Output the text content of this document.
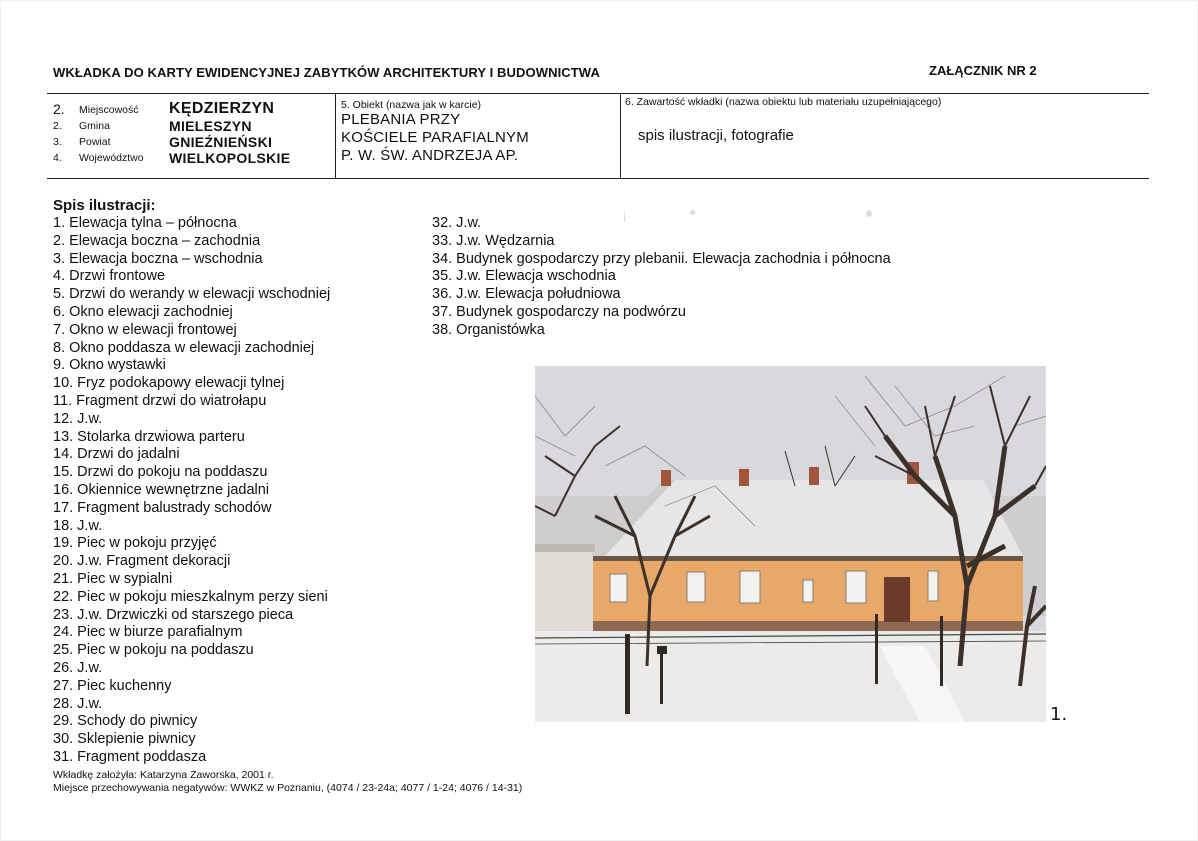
WKŁADKA DO KARTY EWIDENCYJNEJ ZABYTKÓW ARCHITEKTURY I BUDOWNICTWA	ZAŁĄCZNIK NR 2
2. Miejscowość KĘDZIERZYN
2. Gmina	MIELESZYN
3. Powiat	GNIEŹNIEŃSKI
4. Województwo WIELKOPOLSKIE
5. Obiekt (nazwa jak w karcie)
PLEBANIA PRZY
KOŚCIELE PARAFIALNYM
P. W. ŚW. ANDRZEJA AP.
6. Zawartość wkładki (nazwa obiektu lub materiału uzupełniającego)
spis ilustracji, fotografie
Spis ilustracji:
1. Elewacja tylna – północna
2. Elewacja boczna – zachodnia
3. Elewacja boczna – wschodnia
4. Drzwi frontowe
5. Drzwi do werandy w elewacji wschodniej
6. Okno elewacji zachodniej
7. Okno w elewacji frontowej
8. Okno poddasza w elewacji zachodniej
9. Okno wystawki
10. Fryz podokapowy elewacji tylnej
11. Fragment drzwi do wiatrołapu
12. J.w.
13. Stolarka drzwiowa parteru
14. Drzwi do jadalni
15. Drzwi do pokoju na poddaszu
16. Okiennice wewnętrzne jadalni
17. Fragment balustrady schodów
18. J.w.
19. Piec w pokoju przyjęć
20. J.w. Fragment dekoracji
21. Piec w sypialni
22. Piec w pokoju mieszkalnym perzy sieni
23. J.w. Drzwiczki od starszego pieca
24. Piec w biurze parafialnym
25. Piec w pokoju na poddaszu
26. J.w.
27. Piec kuchenny
28. J.w.
29. Schody do piwnicy
30. Sklepienie piwnicy
31. Fragment poddasza
32. J.w.
33. J.w. Wędzarnia
34. Budynek gospodarczy przy plebanii. Elewacja zachodnia i północna
35. J.w. Elewacja wschodnia
36. J.w. Elewacja południowa
37. Budynek gospodarczy na podwórzu
38. Organistówka
Wkładkę założyła: Katarzyna Zaworska, 2001 r.
Miejsce przechowywania negatywów: WWKZ w Poznaniu, (4074 / 23-24a; 4077 / 1-24; 4076 / 14-31)
1.
